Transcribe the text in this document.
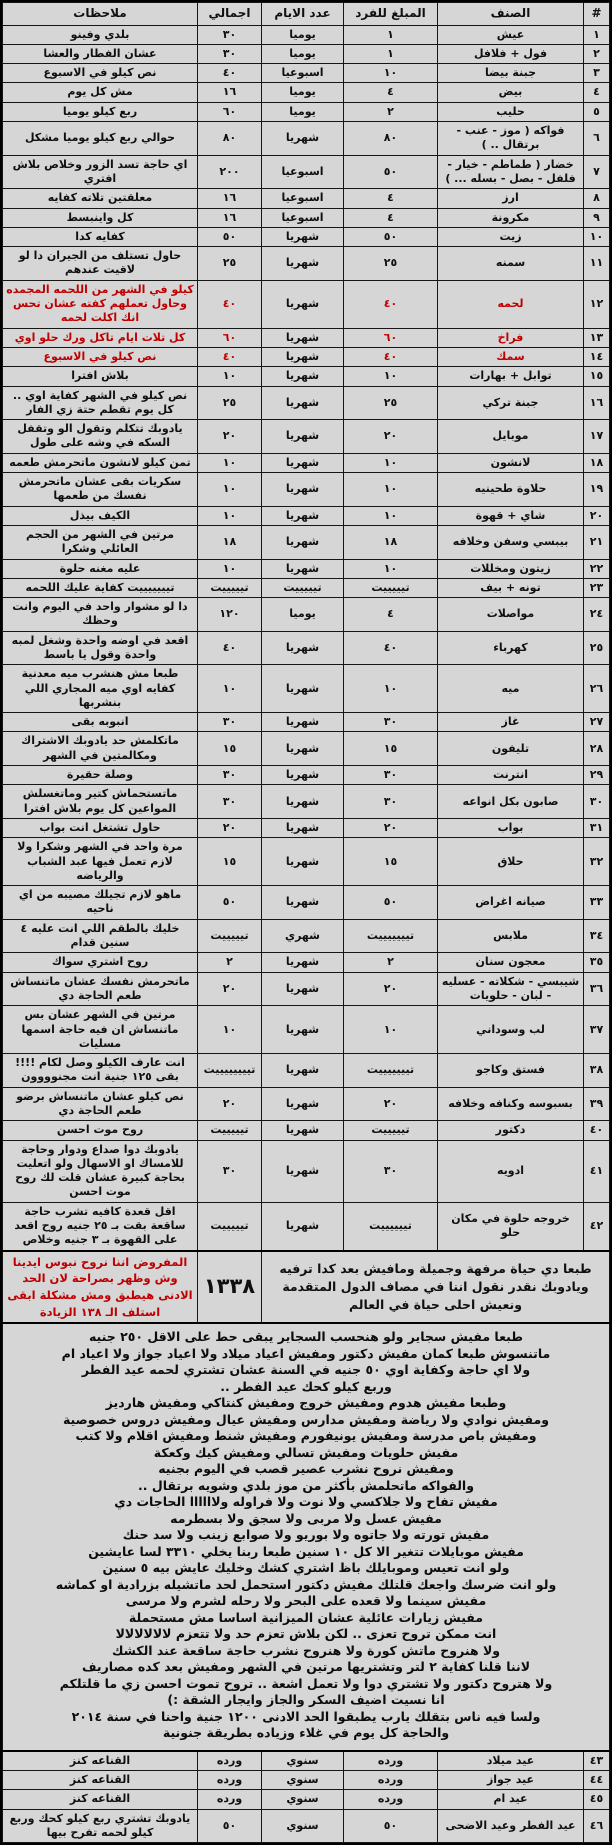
#	الصنف	المبلغ للفرد	عدد الايام	اجمالي	ملاحظات
١	عيش	١	يوميا	٣٠	بلدي وفينو
٢	فول + فلافل	١	يوميا	٣٠	عشان الفطار والعشا
٣	جبنة بيضا	١٠	اسبوعيا	٤٠	نص كيلو في الاسبوع
٤	بيض	٤	يوميا	١٦	مش كل يوم
٥	حليب	٢	يوميا	٦٠	ربع كيلو يوميا
٦	فواكه ( موز - عنب - برتقال .. )	٨٠	شهريا	٨٠	حوالي ربع كيلو يوميا مشكل
٧	خضار ( طماطم - خيار - فلفل - بصل - بسله ... )	٥٠	اسبوعيا	٢٠٠	اي حاجة تسد الزور وخلاص بلاش افتري
٨	ارز	٤	اسبوعيا	١٦	معلقتين تلاته كفايه
٩	مكرونة	٤	اسبوعيا	١٦	كل واينبسط
١٠	زيت	٥٠	شهريا	٥٠	كفايه كدا
١١	سمنه	٢٥	شهريا	٢٥	حاول تستلف من الجيران دا لو لاقيت عندهم
١٢	لحمه	٤٠	شهريا	٤٠	كيلو في الشهر من اللحمه المجمده وحاول تعملهم كفته عشان تحس انك اكلت لحمه
١٣	فراخ	٦٠	شهريا	٦٠	كل تلات ايام تاكل ورك حلو اوي
١٤	سمك	٤٠	شهريا	٤٠	نص كيلو في الاسبوع
١٥	توابل + بهارات	١٠	شهريا	١٠	بلاش افترا
١٦	جبنة تركي	٢٥	شهريا	٢٥	نص كيلو في الشهر كفاية اوي .. كل يوم تقطم حتة زي الفار
١٧	موبايل	٢٠	شهريا	٢٠	يادوبك تتكلم وتقول الو وتقفل السكه في وشه على طول
١٨	لانشون	١٠	شهريا	١٠	تمن كيلو لانشون ماتحرمش طعمه
١٩	حلاوة طحينيه	١٠	شهريا	١٠	سكريات بقى عشان ماتحرمش نفسك من طعمها
٢٠	شاي + قهوة	١٠	شهريا	١٠	الكيف بيذل
٢١	بيبسي وسفن وخلافه	١٨	شهريا	١٨	مرتين في الشهر من الحجم العائلي وشكرا
٢٢	زيتون ومخللات	١٠	شهريا	١٠	عليه مغنه حلوة
٢٣	تونه + بيف	تيييييت	تيييييت	تيييييت	تيييييييت كفاية عليك اللحمه
٢٤	مواصلات	٤	يوميا	١٢٠	دا لو مشوار واحد في اليوم وانت وحظك
٢٥	كهرباء	٤٠	شهريا	٤٠	اقعد في اوضه واحدة وشغل لمبه واحدة وقول يا باسط
٢٦	ميه	١٠	شهريا	١٠	طبعا مش هنشرب ميه معدنية كفايه اوي ميه المجاري اللي بنشربها
٢٧	غاز	٣٠	شهريا	٣٠	انبوبه بقى
٢٨	تليفون	١٥	شهريا	١٥	ماتكلمش حد يادوبك الاشتراك ومكالمتين في الشهر
٢٩	انترنت	٣٠	شهريا	٣٠	وصلة حقيرة
٣٠	صابون بكل انواعه	٣٠	شهريا	٣٠	ماتستحماش كتير وماتغسلش المواعين كل يوم بلاش افترا
٣١	بواب	٢٠	شهريا	٢٠	حاول تشتغل انت بواب
٣٢	حلاق	١٥	شهريا	١٥	مرة واحد في الشهر وشكرا ولا لازم تعمل فيها عبد الشباب والرياضه
٣٣	صيانه اغراض	٥٠	شهريا	٥٠	ماهو لازم تجيلك مصيبه من اي ناحيه
٣٤	ملابس	تيييييييت	شهري	تيييييت	خليك بالطقم اللي انت عليه ٤ سنين قدام
٣٥	معجون سنان	٢	شهريا	٢	روح اشتري سواك
٣٦	شيبسي - شكلاته - عسليه - لبان - حلويات	٢٠	شهريا	٢٠	ماتحرمش نفسك عشان ماتنساش طعم الحاجة دي
٣٧	لب وسوداني	١٠	شهريا	١٠	مرتين في الشهر عشان بس ماتنساش ان فيه حاجة اسمها مسليات
٣٨	فستق وكاجو	تيييييييت	شهريا	تييييييييت	انت عارف الكيلو وصل لكام !!!! بقى ١٢٥ جنية انت مجنوووون
٣٩	بسبوسه وكنافه وخلافه	٢٠	شهريا	٢٠	نص كيلو عشان ماتنساش برضو طعم الحاجة دي
٤٠	دكتور	تيييييت	شهريا	تيييييت	روح موت احسن
٤١	ادويه	٣٠	شهريا	٣٠	يادوبك دوا صداع ودوار وحاجة للامساك او الاسهال ولو اتعليت بحاجة كبيرة عشان قلت لك روح موت احسن
٤٢	خروجه حلوة في مكان حلو	تييييييت	شهريا	تيييييت	اقل قعدة كافيه تشرب حاجة ساقعة بقت بـ ٢٥ جنيه روح اقعد على القهوة بـ ٣ جنيه وخلاص
طبعا دي حياة مرفهة وجميلة ومافيش بعد كدا ترفيه ويادوبك نقدر نقول اننا في مصاف الدول المتقدمة ونعيش احلى حياة في العالم				١٣٣٨	المفروض اننا نروح نبوس ايدينا وش وظهر بصراحة لان الحد الادنى هيطبق ومش مشكلة ابقى استلف الـ ١٣٨ الزيادة

طبعا مفيش سجاير ولو هنحسب السجاير يبقى حط على الاقل ٢٥٠ جنيه
ماتنسوش طبعا كمان مفيش دكتور ومفيش اعياد ميلاد ولا اعياد جواز ولا اعياد ام
ولا اي حاجة وكفاية اوي ٥٠ جنيه في السنة عشان تشتري لحمه عيد الفطر
وربع كيلو كحك عيد الفطر ..
وطبعا مفيش هدوم ومفيش خروج ومفيش كنتاكي ومفيش هارديز
ومفيش نوادي ولا رياضة ومفيش مدارس ومفيش عيال ومفيش دروس خصوصية
ومفيش باص مدرسة ومفيش يونيفورم ومفيش شنط ومفيش اقلام ولا كتب
مفيش حلويات ومفيش تسالي ومفيش كيك وكعكة
ومفيش نروح نشرب عصير قصب في اليوم بجنيه
والفواكه ماتحلمش بأكثر من موز بلدي وشويه برتقال ..
مفيش تفاح ولا جلاكسي ولا نوت ولا فراوله ولاااااا الحاجات دي
مفيش عسل ولا مربى ولا سجق ولا بسطرمه
مفيش تورته ولا جاتوه ولا بوريو ولا صوابع زينب ولا سد حنك
مفيش موبايلات تتغير الا كل ١٠ سنين طبعا ربنا يخلي ٣٣١٠ لسا عايشين
ولو انت تعيس وموبايلك باظ اشتري كشك وخليك عايش بيه ٥ سنين
ولو انت ضرسك واجعك قلتلك مفيش دكتور استحمل لحد ماتشيله بزرادية او كماشه
مفيش سينما ولا قعده على البحر ولا رحله لشرم ولا مرسى
مفيش زيارات عائلية عشان الميزانية اساسا مش مستحملة
انت ممكن تروح تعزى .. لكن بلاش تعزم حد ولا تتعزم لالالالالالا
ولا هنروح ماتش كورة ولا هنروح نشرب حاجة ساقعة عند الكشك
لاننا قلنا كفاية ٢ لتر وتشتريها مرتين في الشهر ومفيش بعد كده مصاريف
ولا هتروح دكتور ولا تشتري دوا ولا تعمل اشعة .. تروح تموت احسن زي ما قلتلكم
انا نسيت اضيف السكر والجاز وايجار الشقة :)
ولسا فيه ناس بتقلك يارب يطبقوا الحد الادنى ١٢٠٠ جنية واحنا في سنة ٢٠١٤
والحاجة كل يوم في غلاء وزياده بطريقة جنونية

٤٣	عيد ميلاد	ورده	سنوي	ورده	القناعه كنز
٤٤	عيد جواز	ورده	سنوي	ورده	القناعه كنز
٤٥	عيد ام	ورده	سنوي	ورده	القناعه كنز
٤٦	عيد الفطر وعيد الاضحى	٥٠	سنوي	٥٠	يادوبك تشتري ربع كيلو كحك وربع كيلو لحمه تفرح بيها
